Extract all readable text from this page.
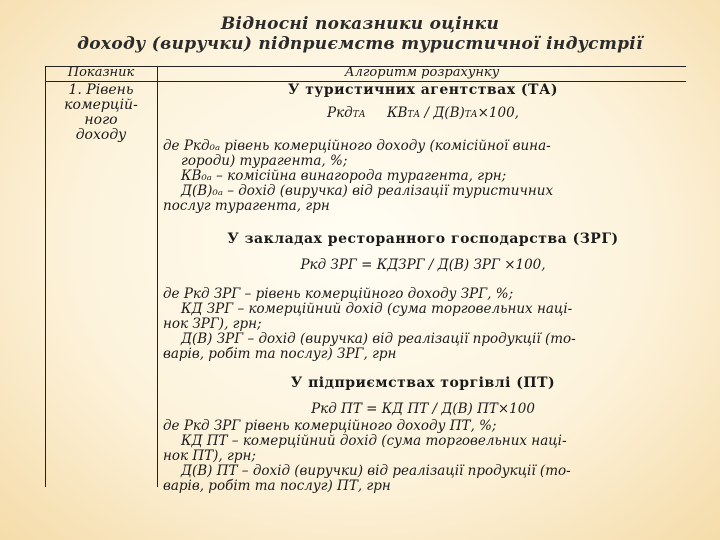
Відносні показники оцінки
доходу (виручки) підприємств туристичної індустрії
Показник	Алгоритм розрахунку
1. Рівень
комерцій-
ного
доходу
У туристичних агентствах (ТА)
РкдТА     КВТА / Д(В)ТА×100,
де Ркд₀ₐ рівень комерційного доходу (комісійної вина-
городи) турагента, %;
КВ₀ₐ – комісійна винагорода турагента, грн;
Д(В)₀ₐ – дохід (виручка) від реалізації туристичних
послуг турагента, грн
У закладах ресторанного господарства (ЗРГ)
Ркд ЗРГ = КДЗРГ / Д(В) ЗРГ ×100,
де Ркд ЗРГ – рівень комерційного доходу ЗРГ, %;
КД ЗРГ – комерційний дохід (сума торговельних наці-
нок ЗРГ), грн;
Д(В) ЗРГ – дохід (виручка) від реалізації продукції (то-
варів, робіт та послуг) ЗРГ, грн
У підприємствах торгівлі (ПТ)
Ркд ПТ = КД ПТ / Д(В) ПТ×100
де Ркд ЗРГ рівень комерційного доходу ПТ, %;
КД ПТ – комерційний дохід (сума торговельних наці-
нок ПТ), грн;
Д(В) ПТ – дохід (виручки) від реалізації продукції (то-
варів, робіт та послуг) ПТ, грн
